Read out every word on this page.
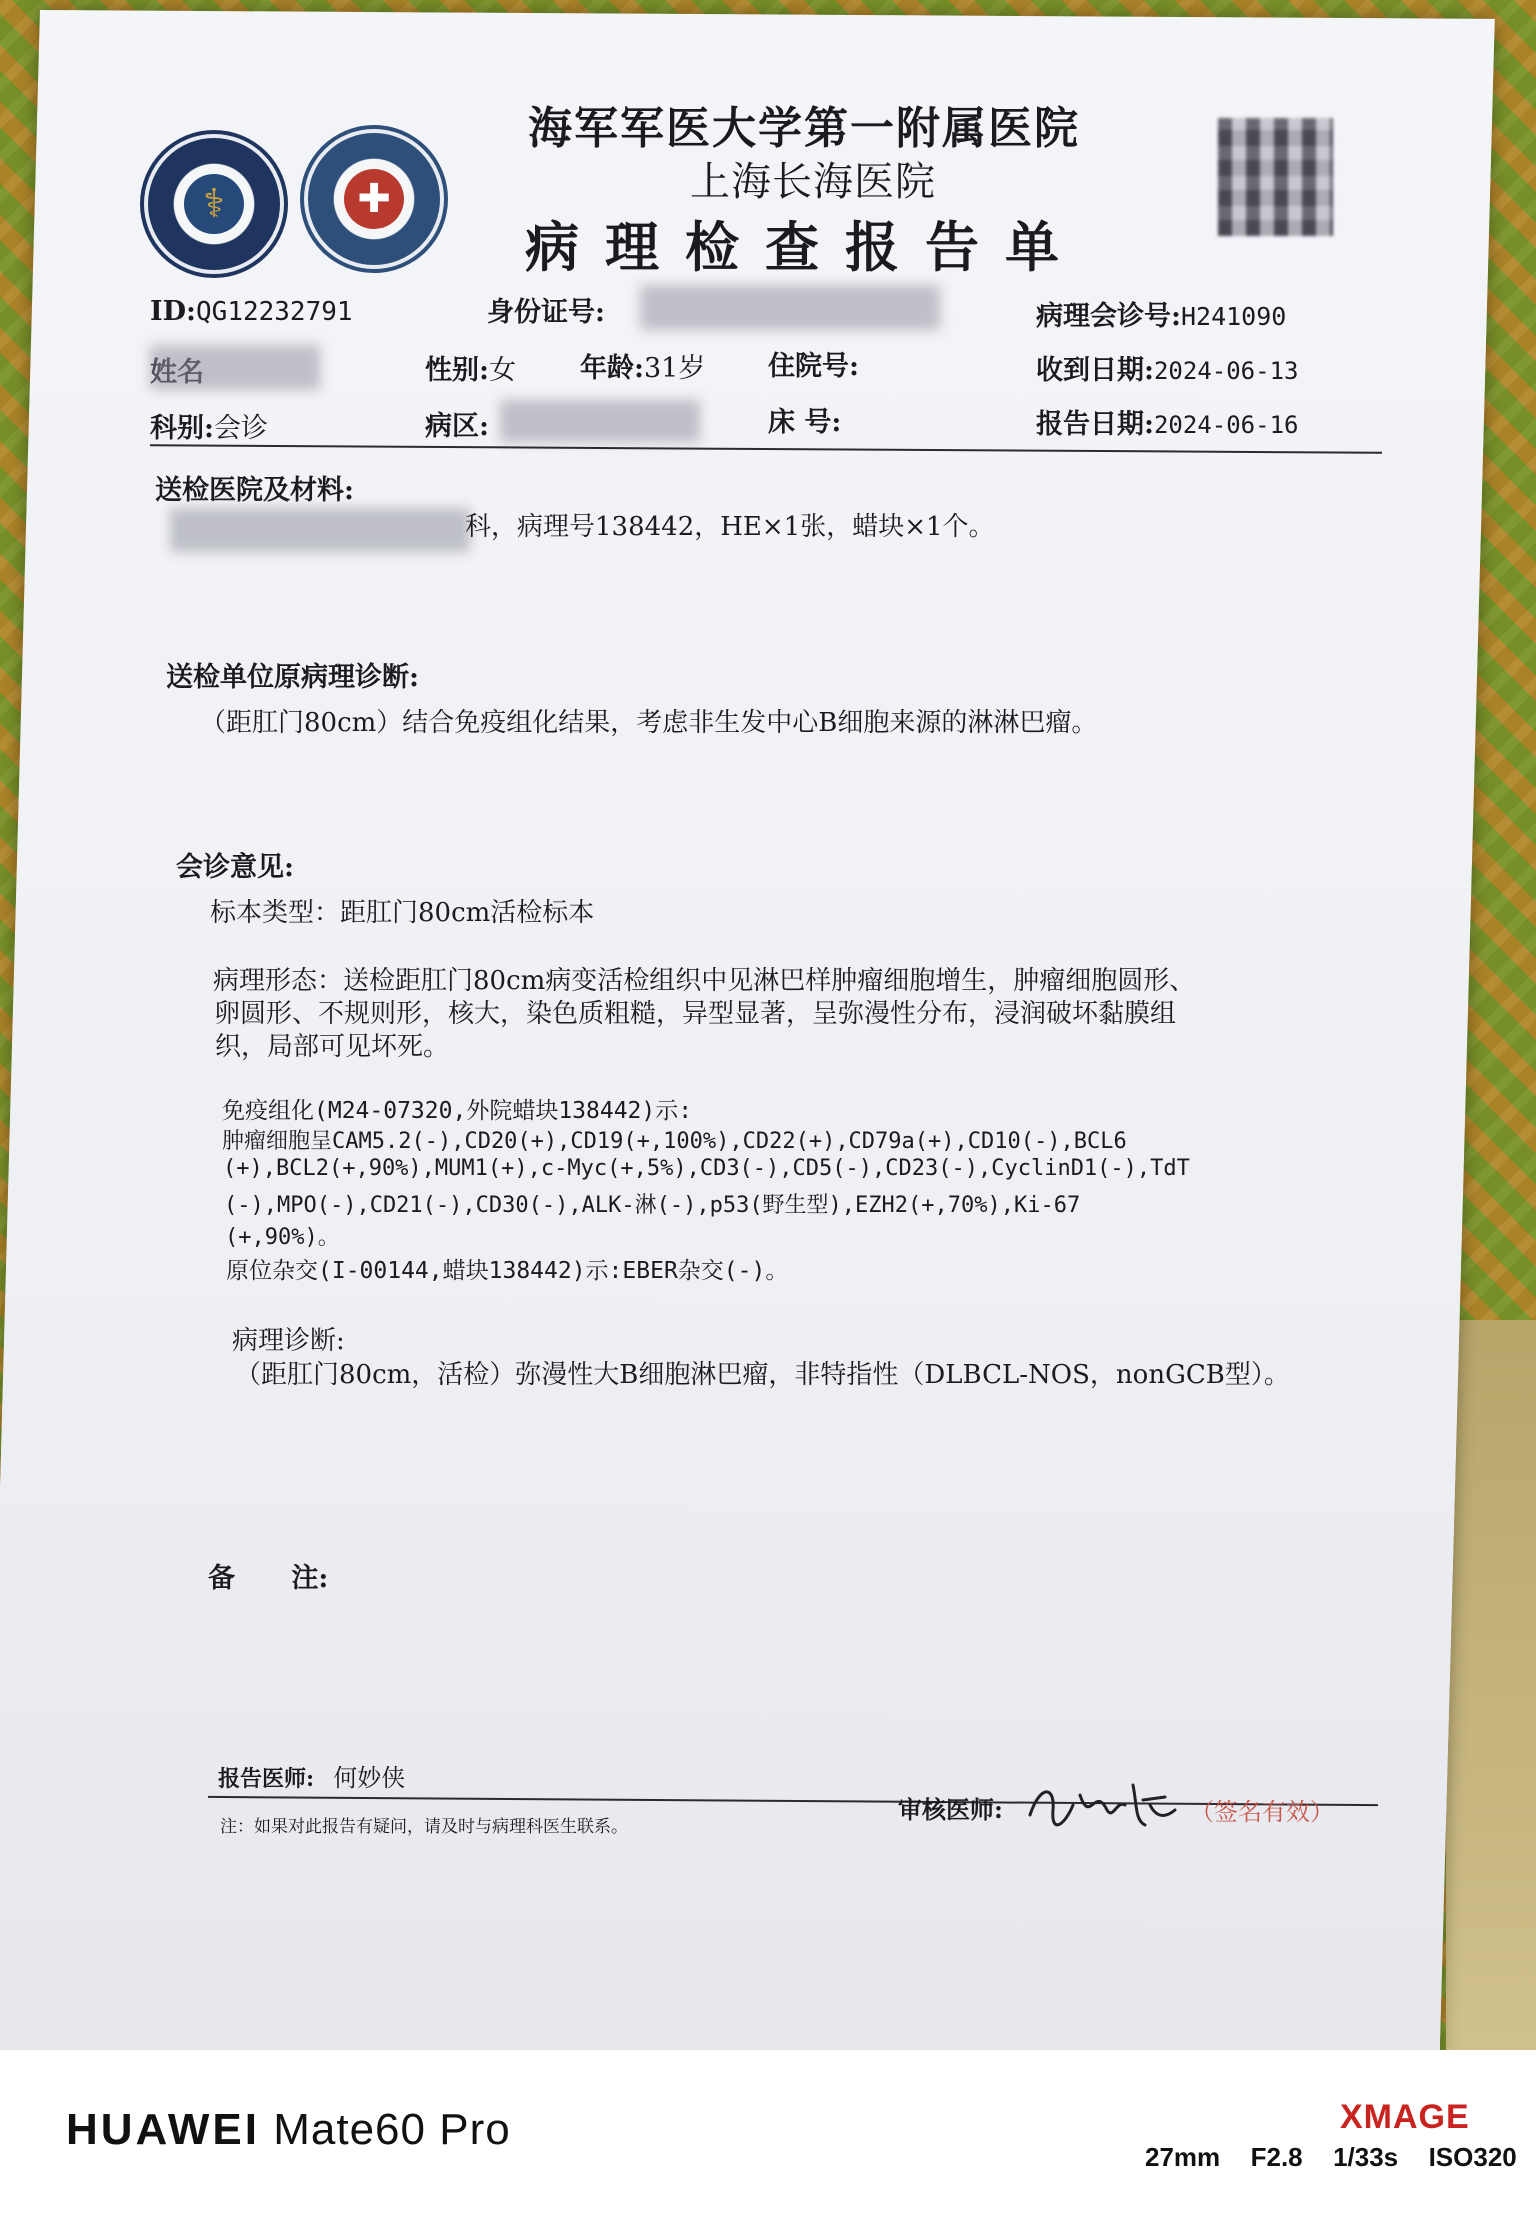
⚕	✚
海军军医大学第一附属医院
上海长海医院
病理检查报告单
ID:QG12232791	身份证号:	病理会诊号:H241090
性别:女 年龄:31岁 住院号:	收到日期:2024-06-13
科别:会诊	病区:	床 号:	报告日期:2024-06-16
送检医院及材料:
科，病理号138442，HE×1张，蜡块×1个。
送检单位原病理诊断:
（距肛门80cm）结合免疫组化结果，考虑非生发中心B细胞来源的淋淋巴瘤。
会诊意见:
标本类型：距肛门80cm活检标本
病理形态：送检距肛门80cm病变活检组织中见淋巴样肿瘤细胞增生，肿瘤细胞圆形、
卵圆形、不规则形，核大，染色质粗糙，异型显著，呈弥漫性分布，浸润破坏黏膜组
织，局部可见坏死。
免疫组化(M24-07320,外院蜡块138442)示:
肿瘤细胞呈CAM5.2(-),CD20(+),CD19(+,100%),CD22(+),CD79a(+),CD10(-),BCL6
(+),BCL2(+,90%),MUM1(+),c-Myc(+,5%),CD3(-),CD5(-),CD23(-),CyclinD1(-),TdT
(-),MPO(-),CD21(-),CD30(-),ALK-淋(-),p53(野生型),EZH2(+,70%),Ki-67
(+,90%)。
原位杂交(I-00144,蜡块138442)示:EBER杂交(-)。
病理诊断:
（距肛门80cm，活检）弥漫性大B细胞淋巴瘤，非特指性（DLBCL-NOS，nonGCB型）。
备      注:
报告医师: 何妙侠
注：如果对此报告有疑问，请及时与病理科医生联系。
审核医师:	（签名有效）
HUAWEI Mate60 Pro	XMAGE
27mm  F2.8  1/33s  ISO320
